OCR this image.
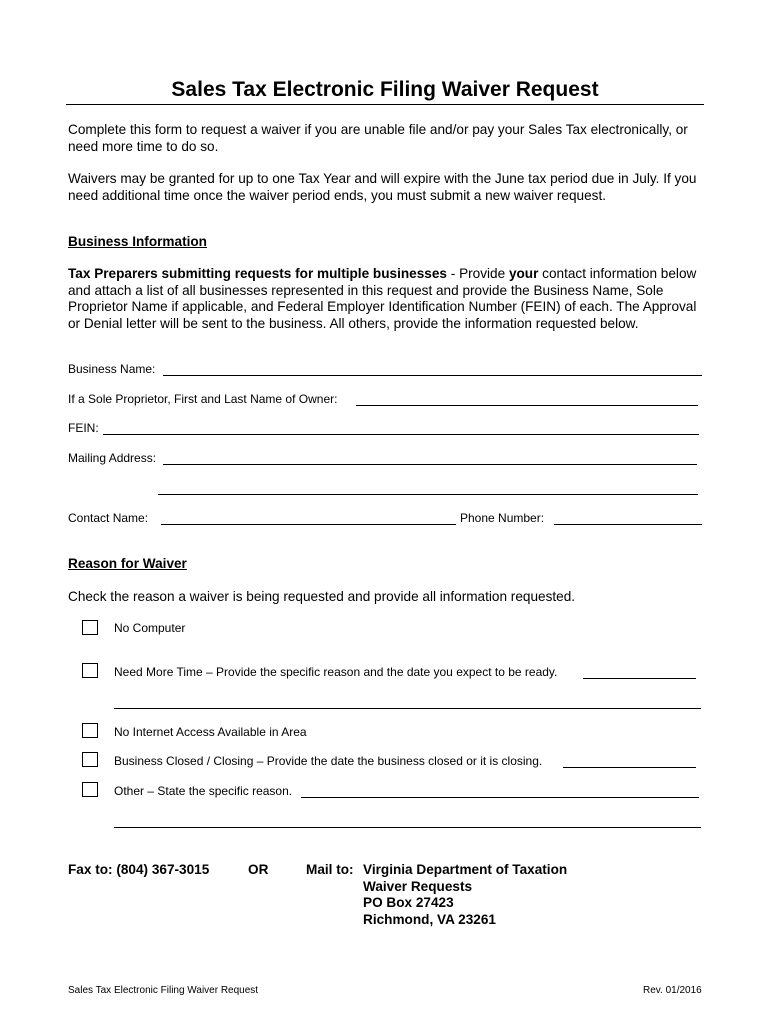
Sales Tax Electronic Filing Waiver Request
Complete this form to request a waiver if you are unable file and/or pay your Sales Tax electronically, or need more time to do so.
Waivers may be granted for up to one Tax Year and will expire with the June tax period due in July. If you need additional time once the waiver period ends, you must submit a new waiver request.
Business Information
Tax Preparers submitting requests for multiple businesses - Provide your contact information below and attach a list of all businesses represented in this request and provide the Business Name, Sole Proprietor Name if applicable, and Federal Employer Identification Number (FEIN) of each. The Approval or Denial letter will be sent to the business. All others, provide the information requested below.
Business Name:
If a Sole Proprietor, First and Last Name of Owner:
FEIN:
Mailing Address:
Contact Name:	Phone Number:
Reason for Waiver
Check the reason a waiver is being requested and provide all information requested.
No Computer
Need More Time – Provide the specific reason and the date you expect to be ready.
No Internet Access Available in Area
Business Closed / Closing – Provide the date the business closed or it is closing.
Other – State the specific reason.
Fax to: (804) 367-3015	OR	Mail to: Virginia Department of Taxation
Waiver Requests
PO Box 27423
Richmond, VA 23261
Sales Tax Electronic Filing Waiver Request	Rev. 01/2016
